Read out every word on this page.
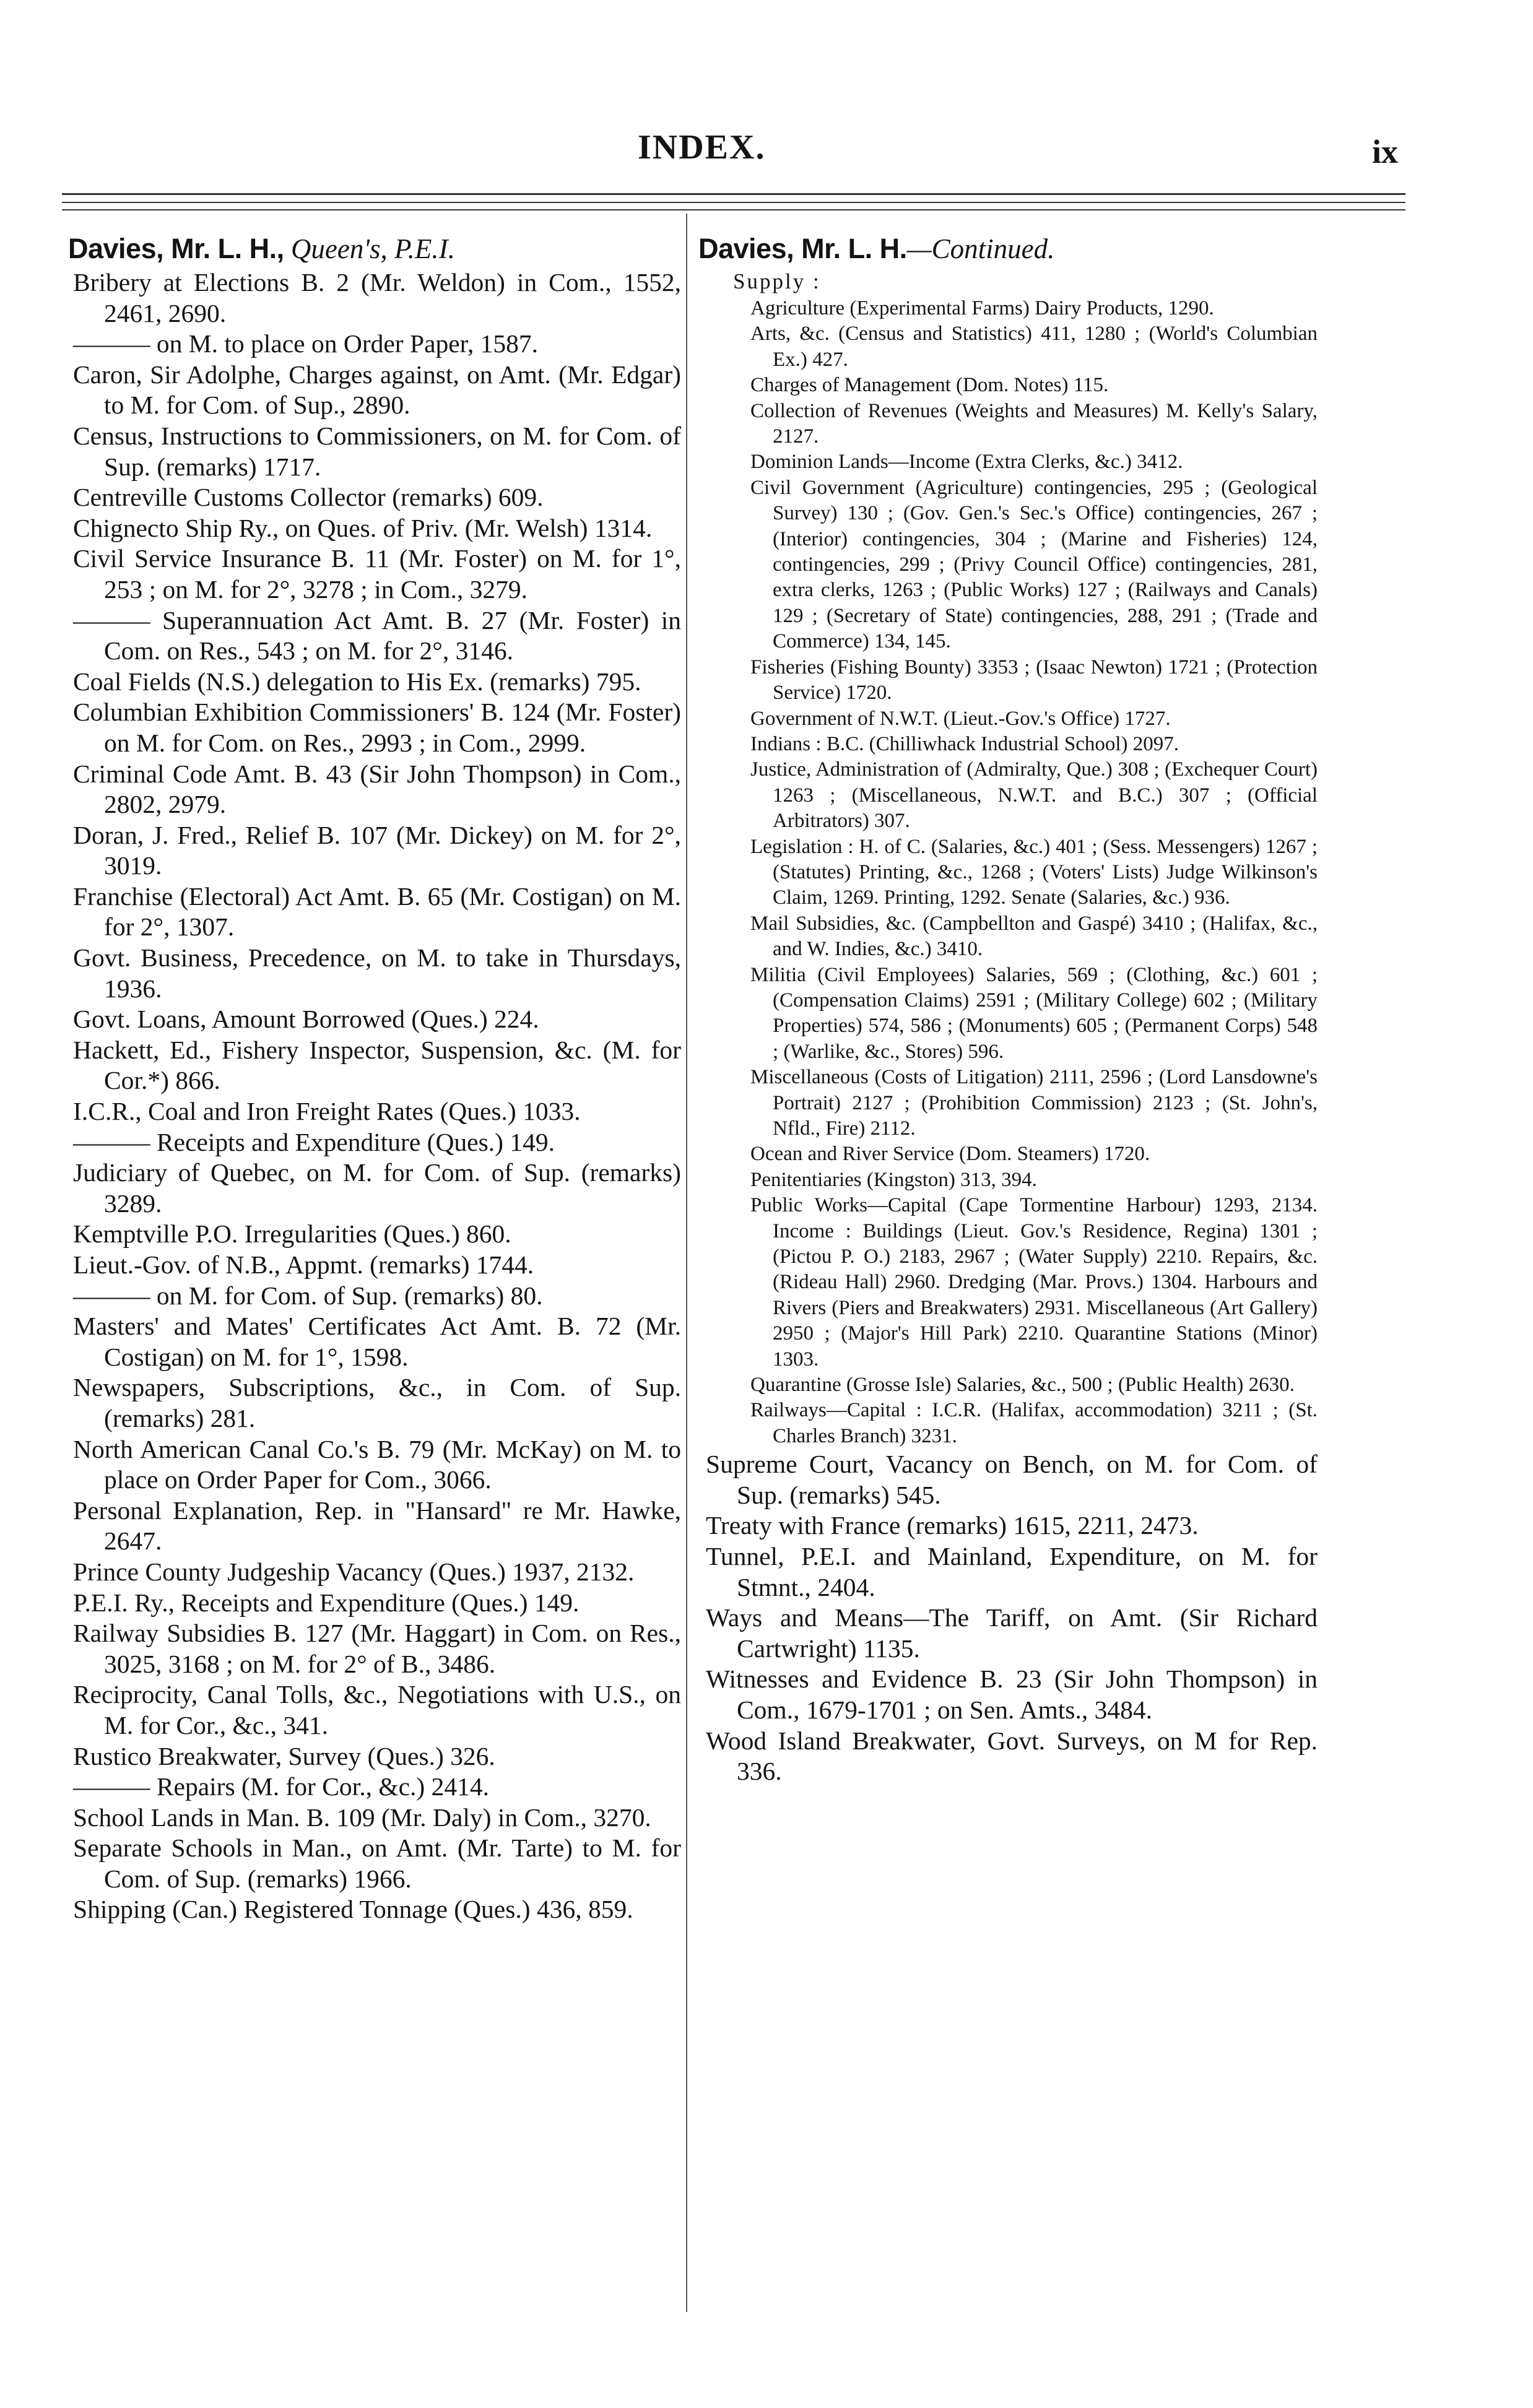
INDEX.	ix
Davies, Mr. L. H., Queen's, P.E.I.
Bribery at Elections B. 2 (Mr. Weldon) in Com., 1552, 2461, 2690.
——— on M. to place on Order Paper, 1587.
Caron, Sir Adolphe, Charges against, on Amt. (Mr. Edgar) to M. for Com. of Sup., 2890.
Census, Instructions to Commissioners, on M. for Com. of Sup. (remarks) 1717.
Centreville Customs Collector (remarks) 609.
Chignecto Ship Ry., on Ques. of Priv. (Mr. Welsh) 1314.
Civil Service Insurance B. 11 (Mr. Foster) on M. for 1°, 253 ; on M. for 2°, 3278 ; in Com., 3279.
——— Superannuation Act Amt. B. 27 (Mr. Foster) in Com. on Res., 543 ; on M. for 2°, 3146.
Coal Fields (N.S.) delegation to His Ex. (remarks) 795.
Columbian Exhibition Commissioners' B. 124 (Mr. Foster) on M. for Com. on Res., 2993 ; in Com., 2999.
Criminal Code Amt. B. 43 (Sir John Thompson) in Com., 2802, 2979.
Doran, J. Fred., Relief B. 107 (Mr. Dickey) on M. for 2°, 3019.
Franchise (Electoral) Act Amt. B. 65 (Mr. Costigan) on M. for 2°, 1307.
Govt. Business, Precedence, on M. to take in Thursdays, 1936.
Govt. Loans, Amount Borrowed (Ques.) 224.
Hackett, Ed., Fishery Inspector, Suspension, &c. (M. for Cor.*) 866.
I.C.R., Coal and Iron Freight Rates (Ques.) 1033.
——— Receipts and Expenditure (Ques.) 149.
Judiciary of Quebec, on M. for Com. of Sup. (remarks) 3289.
Kemptville P.O. Irregularities (Ques.) 860.
Lieut.-Gov. of N.B., Appmt. (remarks) 1744.
——— on M. for Com. of Sup. (remarks) 80.
Masters' and Mates' Certificates Act Amt. B. 72 (Mr. Costigan) on M. for 1°, 1598.
Newspapers, Subscriptions, &c., in Com. of Sup. (remarks) 281.
North American Canal Co.'s B. 79 (Mr. McKay) on M. to place on Order Paper for Com., 3066.
Personal Explanation, Rep. in "Hansard" re Mr. Hawke, 2647.
Prince County Judgeship Vacancy (Ques.) 1937, 2132.
P.E.I. Ry., Receipts and Expenditure (Ques.) 149.
Railway Subsidies B. 127 (Mr. Haggart) in Com. on Res., 3025, 3168 ; on M. for 2° of B., 3486.
Reciprocity, Canal Tolls, &c., Negotiations with U.S., on M. for Cor., &c., 341.
Rustico Breakwater, Survey (Ques.) 326.
——— Repairs (M. for Cor., &c.) 2414.
School Lands in Man. B. 109 (Mr. Daly) in Com., 3270.
Separate Schools in Man., on Amt. (Mr. Tarte) to M. for Com. of Sup. (remarks) 1966.
Shipping (Can.) Registered Tonnage (Ques.) 436, 859.
Davies, Mr. L. H.—Continued.
Supply :
Agriculture (Experimental Farms) Dairy Products, 1290.
Arts, &c. (Census and Statistics) 411, 1280 ; (World's Columbian Ex.) 427.
Charges of Management (Dom. Notes) 115.
Collection of Revenues (Weights and Measures) M. Kelly's Salary, 2127.
Dominion Lands—Income (Extra Clerks, &c.) 3412.
Civil Government (Agriculture) contingencies, 295 ; (Geological Survey) 130 ; (Gov. Gen.'s Sec.'s Office) contingencies, 267 ; (Interior) contingencies, 304 ; (Marine and Fisheries) 124, contingencies, 299 ; (Privy Council Office) contingencies, 281, extra clerks, 1263 ; (Public Works) 127 ; (Railways and Canals) 129 ; (Secretary of State) contingencies, 288, 291 ; (Trade and Commerce) 134, 145.
Fisheries (Fishing Bounty) 3353 ; (Isaac Newton) 1721 ; (Protection Service) 1720.
Government of N.W.T. (Lieut.-Gov.'s Office) 1727.
Indians : B.C. (Chilliwhack Industrial School) 2097.
Justice, Administration of (Admiralty, Que.) 308 ; (Exchequer Court) 1263 ; (Miscellaneous, N.W.T. and B.C.) 307 ; (Official Arbitrators) 307.
Legislation : H. of C. (Salaries, &c.) 401 ; (Sess. Messengers) 1267 ; (Statutes) Printing, &c., 1268 ; (Voters' Lists) Judge Wilkinson's Claim, 1269. Printing, 1292. Senate (Salaries, &c.) 936.
Mail Subsidies, &c. (Campbellton and Gaspé) 3410 ; (Halifax, &c., and W. Indies, &c.) 3410.
Militia (Civil Employees) Salaries, 569 ; (Clothing, &c.) 601 ; (Compensation Claims) 2591 ; (Military College) 602 ; (Military Properties) 574, 586 ; (Monuments) 605 ; (Permanent Corps) 548 ; (Warlike, &c., Stores) 596.
Miscellaneous (Costs of Litigation) 2111, 2596 ; (Lord Lansdowne's Portrait) 2127 ; (Prohibition Commission) 2123 ; (St. John's, Nfld., Fire) 2112.
Ocean and River Service (Dom. Steamers) 1720.
Penitentiaries (Kingston) 313, 394.
Public Works—Capital (Cape Tormentine Harbour) 1293, 2134. Income : Buildings (Lieut. Gov.'s Residence, Regina) 1301 ; (Pictou P. O.) 2183, 2967 ; (Water Supply) 2210. Repairs, &c. (Rideau Hall) 2960. Dredging (Mar. Provs.) 1304. Harbours and Rivers (Piers and Breakwaters) 2931. Miscellaneous (Art Gallery) 2950 ; (Major's Hill Park) 2210. Quarantine Stations (Minor) 1303.
Quarantine (Grosse Isle) Salaries, &c., 500 ; (Public Health) 2630.
Railways—Capital : I.C.R. (Halifax, accommodation) 3211 ; (St. Charles Branch) 3231.
Supreme Court, Vacancy on Bench, on M. for Com. of Sup. (remarks) 545.
Treaty with France (remarks) 1615, 2211, 2473.
Tunnel, P.E.I. and Mainland, Expenditure, on M. for Stmnt., 2404.
Ways and Means—The Tariff, on Amt. (Sir Richard Cartwright) 1135.
Witnesses and Evidence B. 23 (Sir John Thompson) in Com., 1679-1701 ; on Sen. Amts., 3484.
Wood Island Breakwater, Govt. Surveys, on M for Rep. 336.
